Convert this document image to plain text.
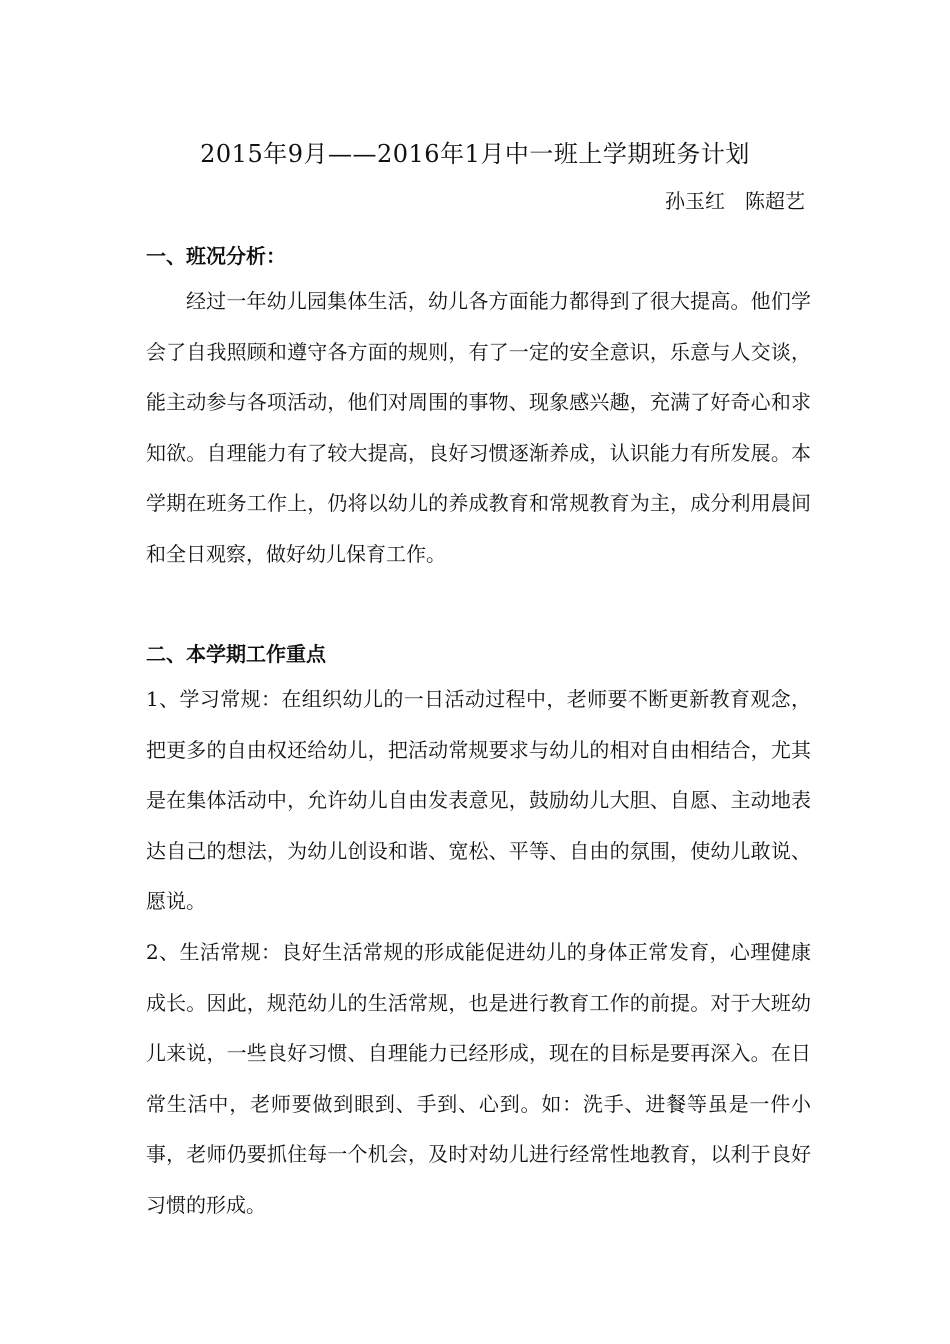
2015年9月——2016年1月中一班上学期班务计划
孙玉红　陈超艺
一、班况分析：
经过一年幼儿园集体生活，幼儿各方面能力都得到了很大提高。他们学会了自我照顾和遵守各方面的规则，有了一定的安全意识，乐意与人交谈，能主动参与各项活动，他们对周围的事物、现象感兴趣，充满了好奇心和求知欲。自理能力有了较大提高，良好习惯逐渐养成，认识能力有所发展。本学期在班务工作上，仍将以幼儿的养成教育和常规教育为主，成分利用晨间和全日观察，做好幼儿保育工作。
二、本学期工作重点
1、学习常规：在组织幼儿的一日活动过程中，老师要不断更新教育观念，把更多的自由权还给幼儿，把活动常规要求与幼儿的相对自由相结合，尤其是在集体活动中，允许幼儿自由发表意见，鼓励幼儿大胆、自愿、主动地表达自己的想法，为幼儿创设和谐、宽松、平等、自由的氛围，使幼儿敢说、愿说。
2、生活常规：良好生活常规的形成能促进幼儿的身体正常发育，心理健康成长。因此，规范幼儿的生活常规，也是进行教育工作的前提。对于大班幼儿来说，一些良好习惯、自理能力已经形成，现在的目标是要再深入。在日常生活中，老师要做到眼到、手到、心到。如：洗手、进餐等虽是一件小事，老师仍要抓住每一个机会，及时对幼儿进行经常性地教育，以利于良好习惯的形成。
